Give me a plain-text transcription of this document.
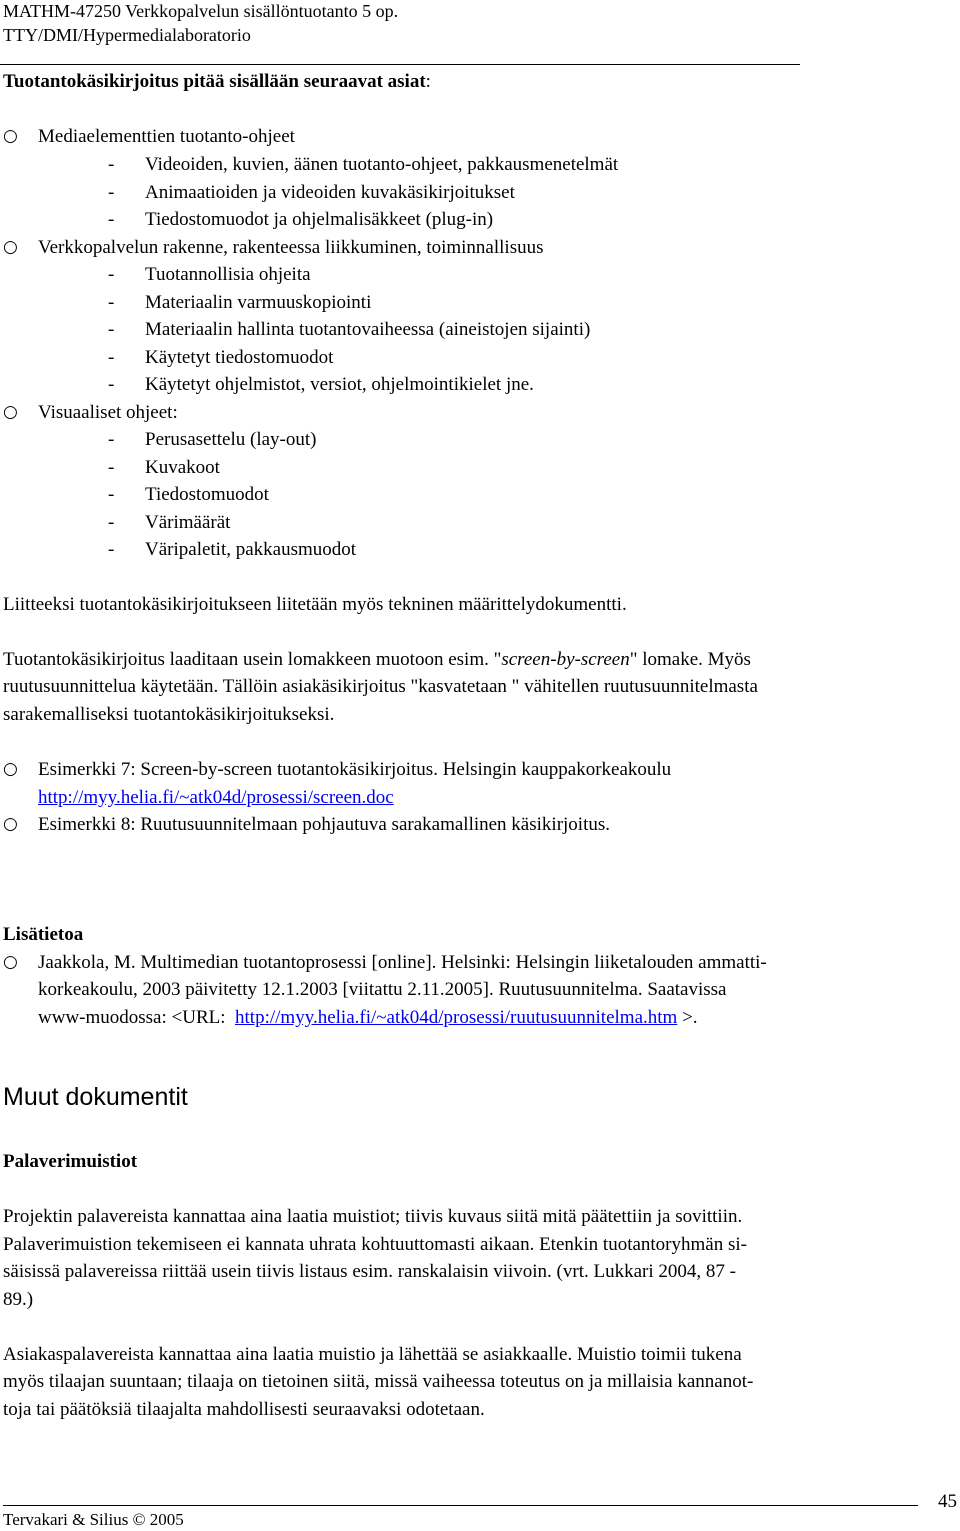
MATHM-47250 Verkkopalvelun sisällöntuotanto 5 op.
TTY/DMI/Hypermedialaboratorio
Tuotantokäsikirjoitus pitää sisällään seuraavat asiat:
○ Mediaelementtien tuotanto-ohjeet
- Videoiden, kuvien, äänen tuotanto-ohjeet, pakkausmenetelmät
- Animaatioiden ja videoiden kuvakäsikirjoitukset
- Tiedostomuodot ja ohjelmalisäkkeet (plug-in)
○ Verkkopalvelun rakenne, rakenteessa liikkuminen, toiminnallisuus
- Tuotannollisia ohjeita
- Materiaalin varmuuskopiointi
- Materiaalin hallinta tuotantovaiheessa (aineistojen sijainti)
- Käytetyt tiedostomuodot
- Käytetyt ohjelmistot, versiot, ohjelmointikielet jne.
○ Visuaaliset ohjeet:
- Perusasettelu (lay-out)
- Kuvakoot
- Tiedostomuodot
- Värimäärät
- Väripaletit, pakkausmuodot
Liitteeksi tuotantokäsikirjoitukseen liitetään myös tekninen määrittelydokumentti.
Tuotantokäsikirjoitus laaditaan usein lomakkeen muotoon esim. "screen-by-screen" lomake. Myös
ruutusuunnittelua käytetään. Tällöin asiakäsikirjoitus "kasvatetaan " vähitellen ruutusuunnitelmasta
sarakemalliseksi tuotantokäsikirjoitukseksi.
○ Esimerkki 7: Screen-by-screen tuotantokäsikirjoitus. Helsingin kauppakorkeakoulu
http://myy.helia.fi/~atk04d/prosessi/screen.doc
○ Esimerkki 8: Ruutusuunnitelmaan pohjautuva sarakamallinen käsikirjoitus.
Lisätietoa
○ Jaakkola, M. Multimedian tuotantoprosessi [online]. Helsinki: Helsingin liiketalouden ammatti-
korkeakoulu, 2003 päivitetty 12.1.2003 [viitattu 2.11.2005]. Ruutusuunnitelma. Saatavissa
www-muodossa: <URL: http://myy.helia.fi/~atk04d/prosessi/ruutusuunnitelma.htm >.
Muut dokumentit
Palaverimuistiot
Projektin palavereista kannattaa aina laatia muistiot; tiivis kuvaus siitä mitä päätettiin ja sovittiin.
Palaverimuistion tekemiseen ei kannata uhrata kohtuuttomasti aikaan. Etenkin tuotantoryhmän si-
säisissä palavereissa riittää usein tiivis listaus esim. ranskalaisin viivoin. (vrt. Lukkari 2004, 87 -
89.)
Asiakaspalavereista kannattaa aina laatia muistio ja lähettää se asiakkaalle. Muistio toimii tukena
myös tilaajan suuntaan; tilaaja on tietoinen siitä, missä vaiheessa toteutus on ja millaisia kannanot-
toja tai päätöksiä tilaajalta mahdollisesti seuraavaksi odotetaan.
45
Tervakari & Silius © 2005
